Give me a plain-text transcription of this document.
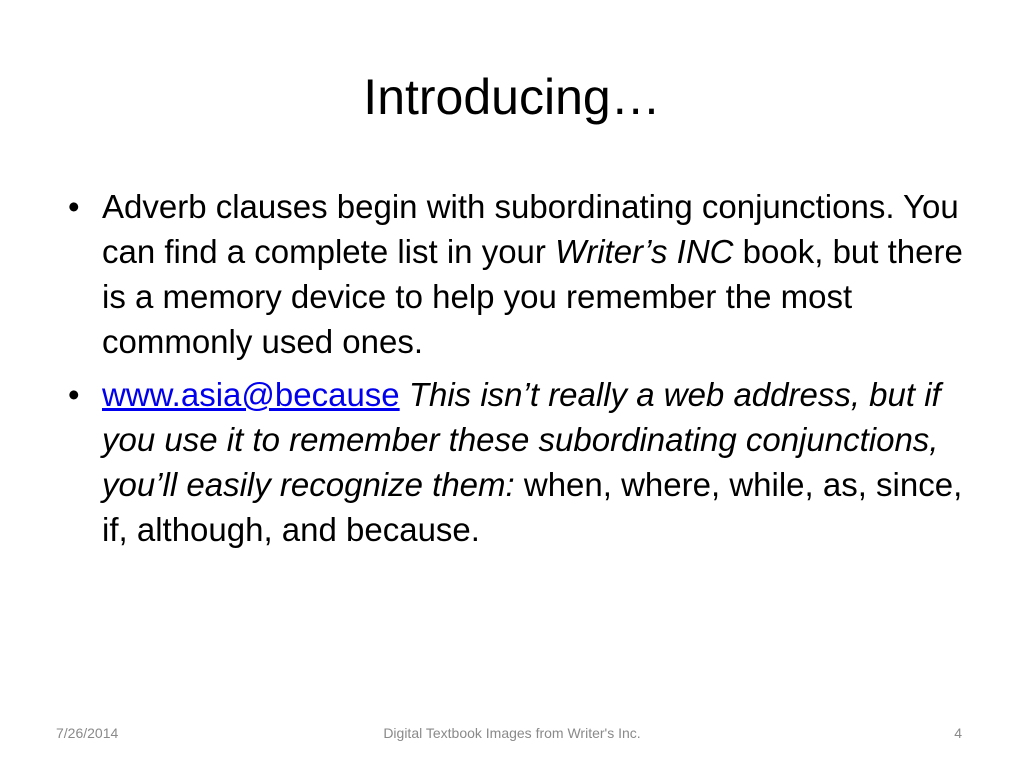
Introducing…
• Adverb clauses begin with subordinating conjunctions. You can find a complete list in your Writer’s INC book, but there is a memory device to help you remember the most commonly used ones.
• www.asia@because This isn’t really a web address, but if you use it to remember these subordinating conjunctions, you’ll easily recognize them: when, where, while, as, since, if, although, and because.
7/26/2014	Digital Textbook Images from Writer's Inc.	4
